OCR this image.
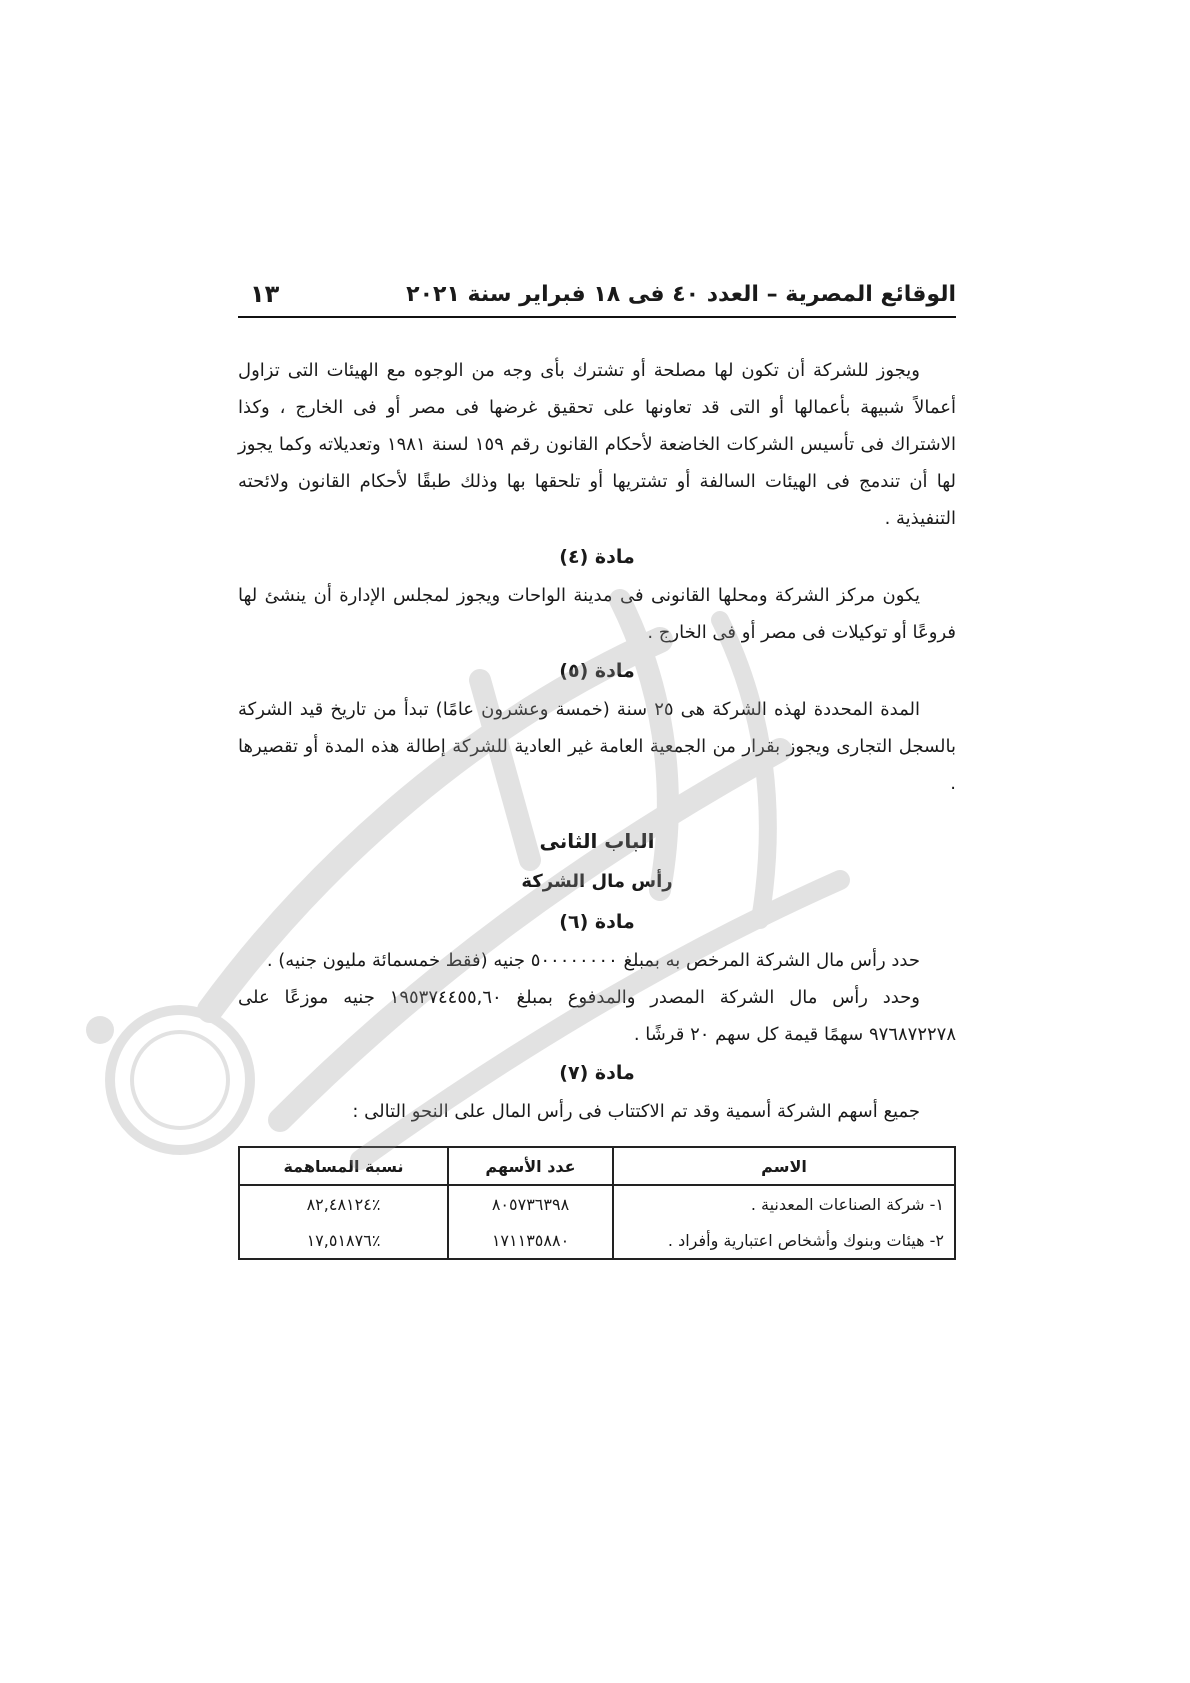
الوقائع المصرية – العدد ٤٠ فى ١٨ فبراير سنة ٢٠٢١
١٣

ويجوز للشركة أن تكون لها مصلحة أو تشترك بأى وجه من الوجوه مع الهيئات التى تزاول أعمالاً شبيهة بأعمالها أو التى قد تعاونها على تحقيق غرضها فى مصر أو فى الخارج ، وكذا الاشتراك فى تأسيس الشركات الخاضعة لأحكام القانون رقم ١٥٩ لسنة ١٩٨١ وتعديلاته وكما يجوز لها أن تندمج فى الهيئات السالفة أو تشتريها أو تلحقها بها وذلك طبقًا لأحكام القانون ولائحته التنفيذية .

مادة (٤)

يكون مركز الشركة ومحلها القانونى فى مدينة الواحات ويجوز لمجلس الإدارة أن ينشئ لها فروعًا أو توكيلات فى مصر أو فى الخارج .

مادة (٥)

المدة المحددة لهذه الشركة هى ٢٥ سنة (خمسة وعشرون عامًا) تبدأ من تاريخ قيد الشركة بالسجل التجارى ويجوز بقرار من الجمعية العامة غير العادية للشركة إطالة هذه المدة أو تقصيرها .

الباب الثانى

رأس مال الشركة

مادة (٦)

حدد رأس مال الشركة المرخص به بمبلغ ٥٠٠٠٠٠٠٠٠ جنيه (فقط خمسمائة مليون جنيه) .

وحدد رأس مال الشركة المصدر والمدفوع بمبلغ ١٩٥٣٧٤٤٥٥,٦٠ جنيه موزعًا على ٩٧٦٨٧٢٢٧٨ سهمًا قيمة كل سهم ٢٠ قرشًا .

مادة (٧)

جميع أسهم الشركة أسمية وقد تم الاكتتاب فى رأس المال على النحو التالى :

الاسم	عدد الأسهم	نسبة المساهمة
١- شركة الصناعات المعدنية .	٨٠٥٧٣٦٣٩٨	٪٨٢,٤٨١٢٤
٢- هيئات وبنوك وأشخاص اعتبارية وأفراد .	١٧١١٣٥٨٨٠	٪١٧,٥١٨٧٦
